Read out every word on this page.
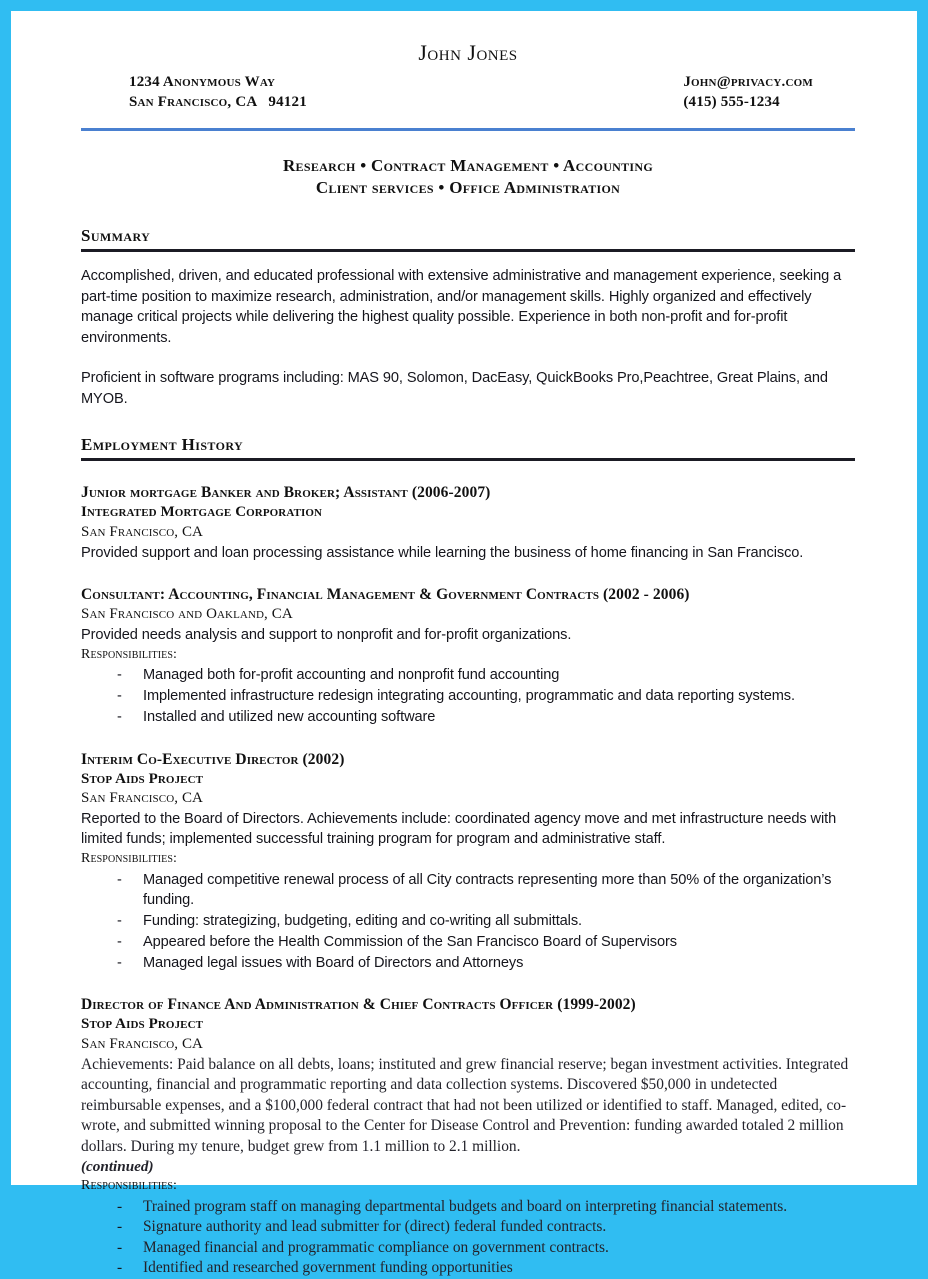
John Jones
1234 Anonymous Way
San Francisco, CA   94121
John@privacy.com
(415) 555-1234
Research • Contract Management • Accounting
Client services • Office Administration
Summary

Accomplished, driven, and educated professional with extensive administrative and management experience, seeking a part-time position to maximize research, administration, and/or management skills. Highly organized and effectively manage critical projects while delivering the highest quality possible. Experience in both non-profit and for-profit environments.

Proficient in software programs including: MAS 90, Solomon, DacEasy, QuickBooks Pro,Peachtree, Great Plains, and MYOB.

Employment History
Junior mortgage Banker and Broker; Assistant (2006-2007)
Integrated Mortgage Corporation
San Francisco, CA
Provided support and loan processing assistance while learning the business of home financing in San Francisco.
Consultant: Accounting, Financial Management & Government Contracts (2002 - 2006)
San Francisco and Oakland, CA
Provided needs analysis and support to nonprofit and for-profit organizations.
Responsibilities:
- Managed both for-profit accounting and nonprofit fund accounting
- Implemented infrastructure redesign integrating accounting, programmatic and data reporting systems.
- Installed and utilized new accounting software
Interim Co-Executive Director (2002)
Stop Aids Project
San Francisco, CA
Reported to the Board of Directors. Achievements include: coordinated agency move and met infrastructure needs with limited funds; implemented successful training program for program and administrative staff.
Responsibilities:
- Managed competitive renewal process of all City contracts representing more than 50% of the organization’s funding.
- Funding: strategizing, budgeting, editing and co-writing all submittals.
- Appeared before the Health Commission of the San Francisco Board of Supervisors
- Managed legal issues with Board of Directors and Attorneys
Director of Finance And Administration & Chief Contracts Officer (1999-2002)
Stop Aids Project
San Francisco, CA
Achievements: Paid balance on all debts, loans; instituted and grew financial reserve; began investment activities. Integrated accounting, financial and programmatic reporting and data collection systems. Discovered $50,000 in undetected reimbursable expenses, and a $100,000 federal contract that had not been utilized or identified to staff. Managed, edited, co-wrote, and submitted winning proposal to the Center for Disease Control and Prevention: funding awarded totaled 2 million dollars. During my tenure, budget grew from 1.1 million to 2.1 million.
(continued)
Responsibilities:
- Trained program staff on managing departmental budgets and board on interpreting financial statements.
- Signature authority and lead submitter for (direct) federal funded contracts.
- Managed financial and programmatic compliance on government contracts.
- Identified and researched government funding opportunities
